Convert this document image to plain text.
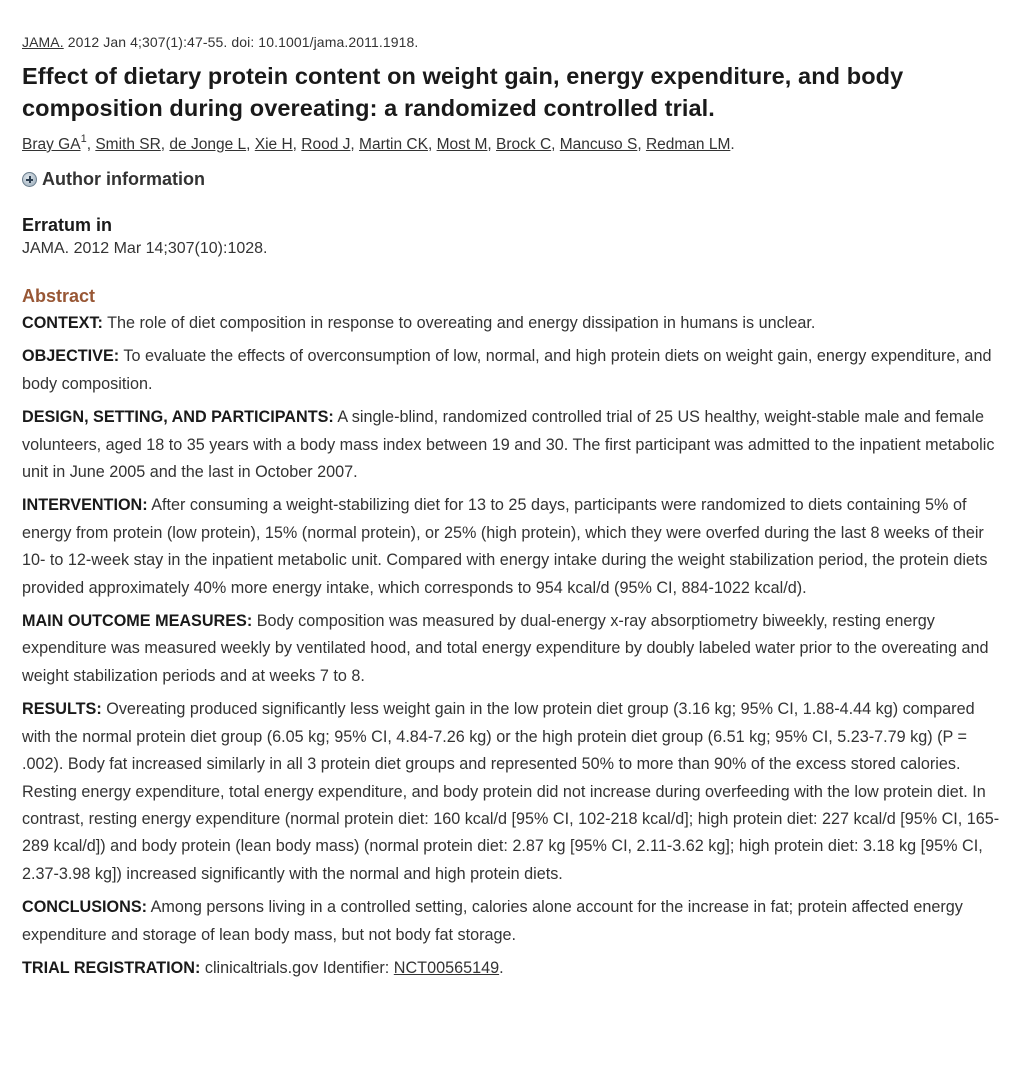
JAMA. 2012 Jan 4;307(1):47-55. doi: 10.1001/jama.2011.1918.
Effect of dietary protein content on weight gain, energy expenditure, and body composition during overeating: a randomized controlled trial.
Bray $GA^1$, Smith SR, de Jonge L, Xie H, Rood J, Martin CK, Most M, Brock C, Mancuso S, Redman LM.
Author information
Erratum in
JAMA. 2012 Mar 14;307(10):1028.
Abstract

CONTEXT: The role of diet composition in response to overeating and energy dissipation in humans is unclear.

OBJECTIVE: To evaluate the effects of overconsumption of low, normal, and high protein diets on weight gain, energy expenditure, and body composition.

DESIGN, SETTING, AND PARTICIPANTS: A single-blind, randomized controlled trial of 25 US healthy, weight-stable male and female volunteers, aged 18 to 35 years with a body mass index between 19 and 30. The first participant was admitted to the inpatient metabolic unit in June 2005 and the last in October 2007.

INTERVENTION: After consuming a weight-stabilizing diet for 13 to 25 days, participants were randomized to diets containing 5% of energy from protein (low protein), 15% (normal protein), or 25% (high protein), which they were overfed during the last 8 weeks of their 10- to 12-week stay in the inpatient metabolic unit. Compared with energy intake during the weight stabilization period, the protein diets provided approximately 40% more energy intake, which corresponds to 954 kcal/d (95% CI, 884-1022 kcal/d).

MAIN OUTCOME MEASURES: Body composition was measured by dual-energy x-ray absorptiometry biweekly, resting energy expenditure was measured weekly by ventilated hood, and total energy expenditure by doubly labeled water prior to the overeating and weight stabilization periods and at weeks 7 to 8.

RESULTS: Overeating produced significantly less weight gain in the low protein diet group (3.16 kg; 95% CI, 1.88-4.44 kg) compared with the normal protein diet group (6.05 kg; 95% CI, 4.84-7.26 kg) or the high protein diet group (6.51 kg; 95% CI, 5.23-7.79 kg) (P = .002). Body fat increased similarly in all 3 protein diet groups and represented 50% to more than 90% of the excess stored calories. Resting energy expenditure, total energy expenditure, and body protein did not increase during overfeeding with the low protein diet. In contrast, resting energy expenditure (normal protein diet: 160 kcal/d [95% CI, 102-218 kcal/d]; high protein diet: 227 kcal/d [95% CI, 165-289 kcal/d]) and body protein (lean body mass) (normal protein diet: 2.87 kg [95% CI, 2.11-3.62 kg]; high protein diet: 3.18 kg [95% CI, 2.37-3.98 kg]) increased significantly with the normal and high protein diets.

CONCLUSIONS: Among persons living in a controlled setting, calories alone account for the increase in fat; protein affected energy expenditure and storage of lean body mass, but not body fat storage.

TRIAL REGISTRATION: clinicaltrials.gov Identifier: NCT00565149.
